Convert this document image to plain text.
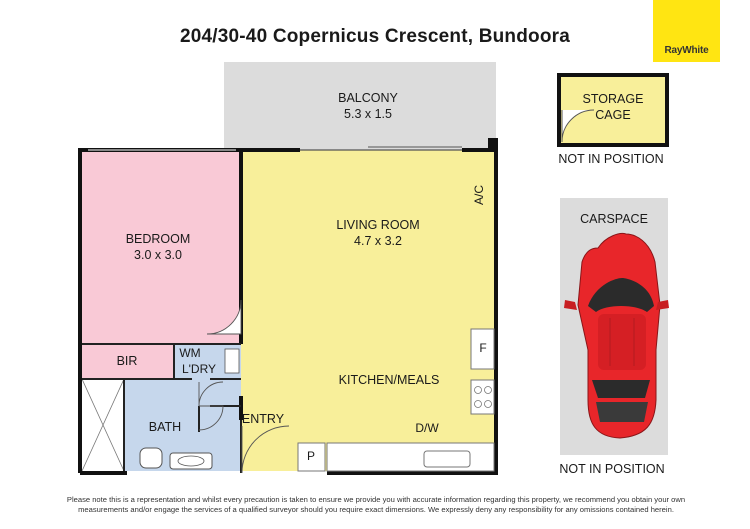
204/30-40 Copernicus Crescent, Bundoora
RayWhite
BALCONY
5.3 x 1.5
BEDROOM
3.0 x 3.0
LIVING ROOM
4.7 x 3.2
KITCHEN/MEALS
BIR
WM
L'DRY
BATH
ENTRY
D/W
F
P
A/C
STORAGE
CAGE
NOT IN POSITION
CARSPACE
NOT IN POSITION
Please note this is a representation and whilst every precaution is taken to ensure we provide you with accurate information regarding this property, we recommend you obtain your own measurements and/or engage the services of a qualified surveyor should you require exact dimensions. We expressly deny any responsibility for any omissions contained herein.
